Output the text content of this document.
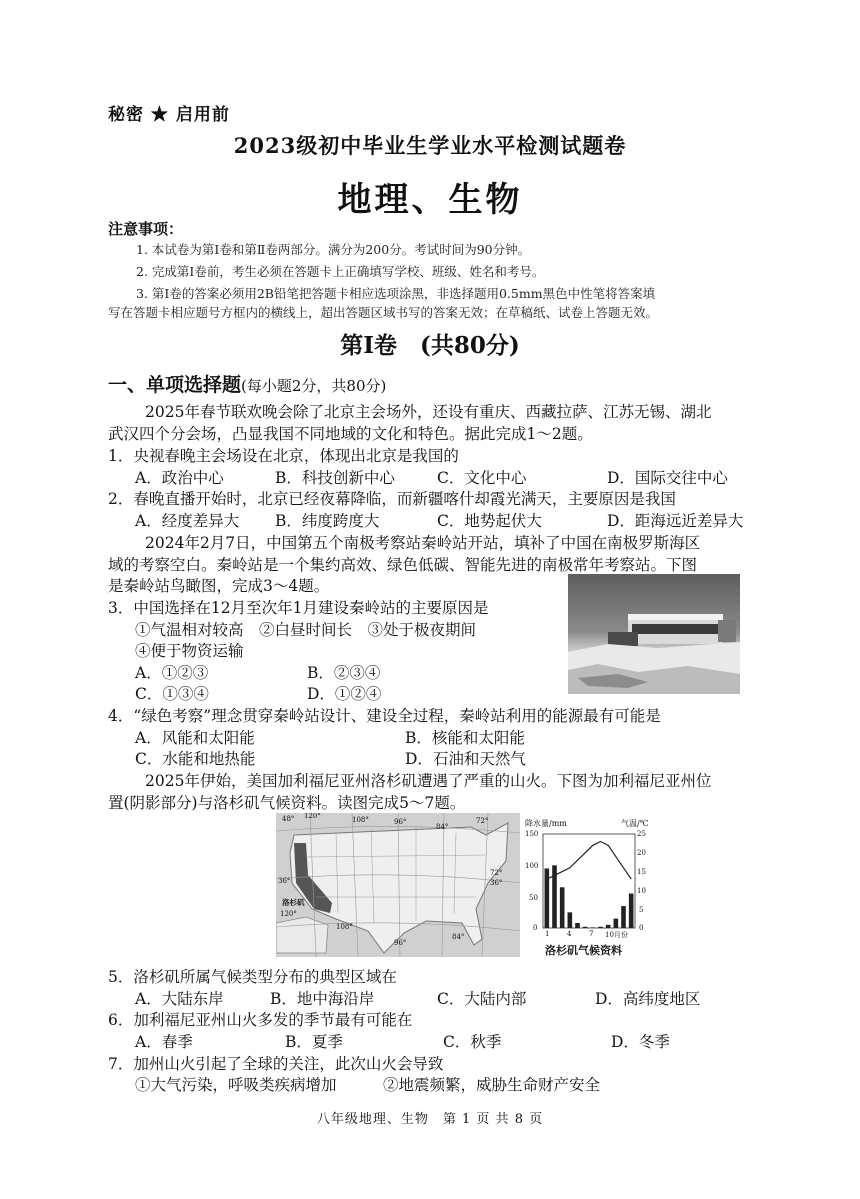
秘密 ★ 启用前
2023级初中毕业生学业水平检测试题卷
地理、生物
注意事项：
1. 本试卷为第Ⅰ卷和第Ⅱ卷两部分。满分为200分。考试时间为90分钟。
2. 完成第Ⅰ卷前，考生必须在答题卡上正确填写学校、班级、姓名和考号。
3. 第Ⅰ卷的答案必须用2B铅笔把答题卡相应选项涂黑，非选择题用0.5mm黑色中性笔将答案填
写在答题卡相应题号方框内的横线上，超出答题区域书写的答案无效；在草稿纸、试卷上答题无效。
第Ⅰ卷　(共80分)
一、单项选择题(每小题2分，共80分)
2025年春节联欢晚会除了北京主会场外，还设有重庆、西藏拉萨、江苏无锡、湖北
武汉四个分会场，凸显我国不同地域的文化和特色。据此完成1～2题。
1．央视春晚主会场设在北京，体现出北京是我国的
A．政治中心	B．科技创新中心	C．文化中心	D．国际交往中心
2．春晚直播开始时，北京已经夜幕降临，而新疆喀什却霞光满天，主要原因是我国
A．经度差异大 B．纬度跨度大	C．地势起伏大	D．距海远近差异大
2024年2月7日，中国第五个南极考察站秦岭站开站，填补了中国在南极罗斯海区
域的考察空白。秦岭站是一个集约高效、绿色低碳、智能先进的南极常年考察站。下图
是秦岭站鸟瞰图，完成3～4题。
3．中国选择在12月至次年1月建设秦岭站的主要原因是
①气温相对较高　②白昼时间长　③处于极夜期间
④便于物资运输
A．①②③	B．②③④
C．①③④	D．①②④
4．“绿色考察”理念贯穿秦岭站设计、建设全过程，秦岭站利用的能源最有可能是
A．风能和太阳能	B．核能和太阳能
C．水能和地热能	D．石油和天然气
2025年伊始，美国加利福尼亚州洛杉矶遭遇了严重的山火。下图为加利福尼亚州位
置(阴影部分)与洛杉矶气候资料。读图完成5～7题。
48° 120°	108°	96°
84°
72°
36°
72°
36°
洛杉矶
120°
108°
96°
84°
降水量/mm	气温/℃
150
100
50
0
25
20
15
10
5
0
1	4	7 10月份
洛杉矶气候资料
5．洛杉矶所属气候类型分布的典型区域在
A．大陆东岸	B．地中海沿岸	C．大陆内部	D．高纬度地区
6．加利福尼亚州山火多发的季节最有可能在
A．春季	B．夏季	C．秋季	D．冬季
7．加州山火引起了全球的关注，此次山火会导致
①大气污染，呼吸类疾病增加　　　②地震频繁，威胁生命财产安全
八年级地理、生物　第 1 页 共 8 页
